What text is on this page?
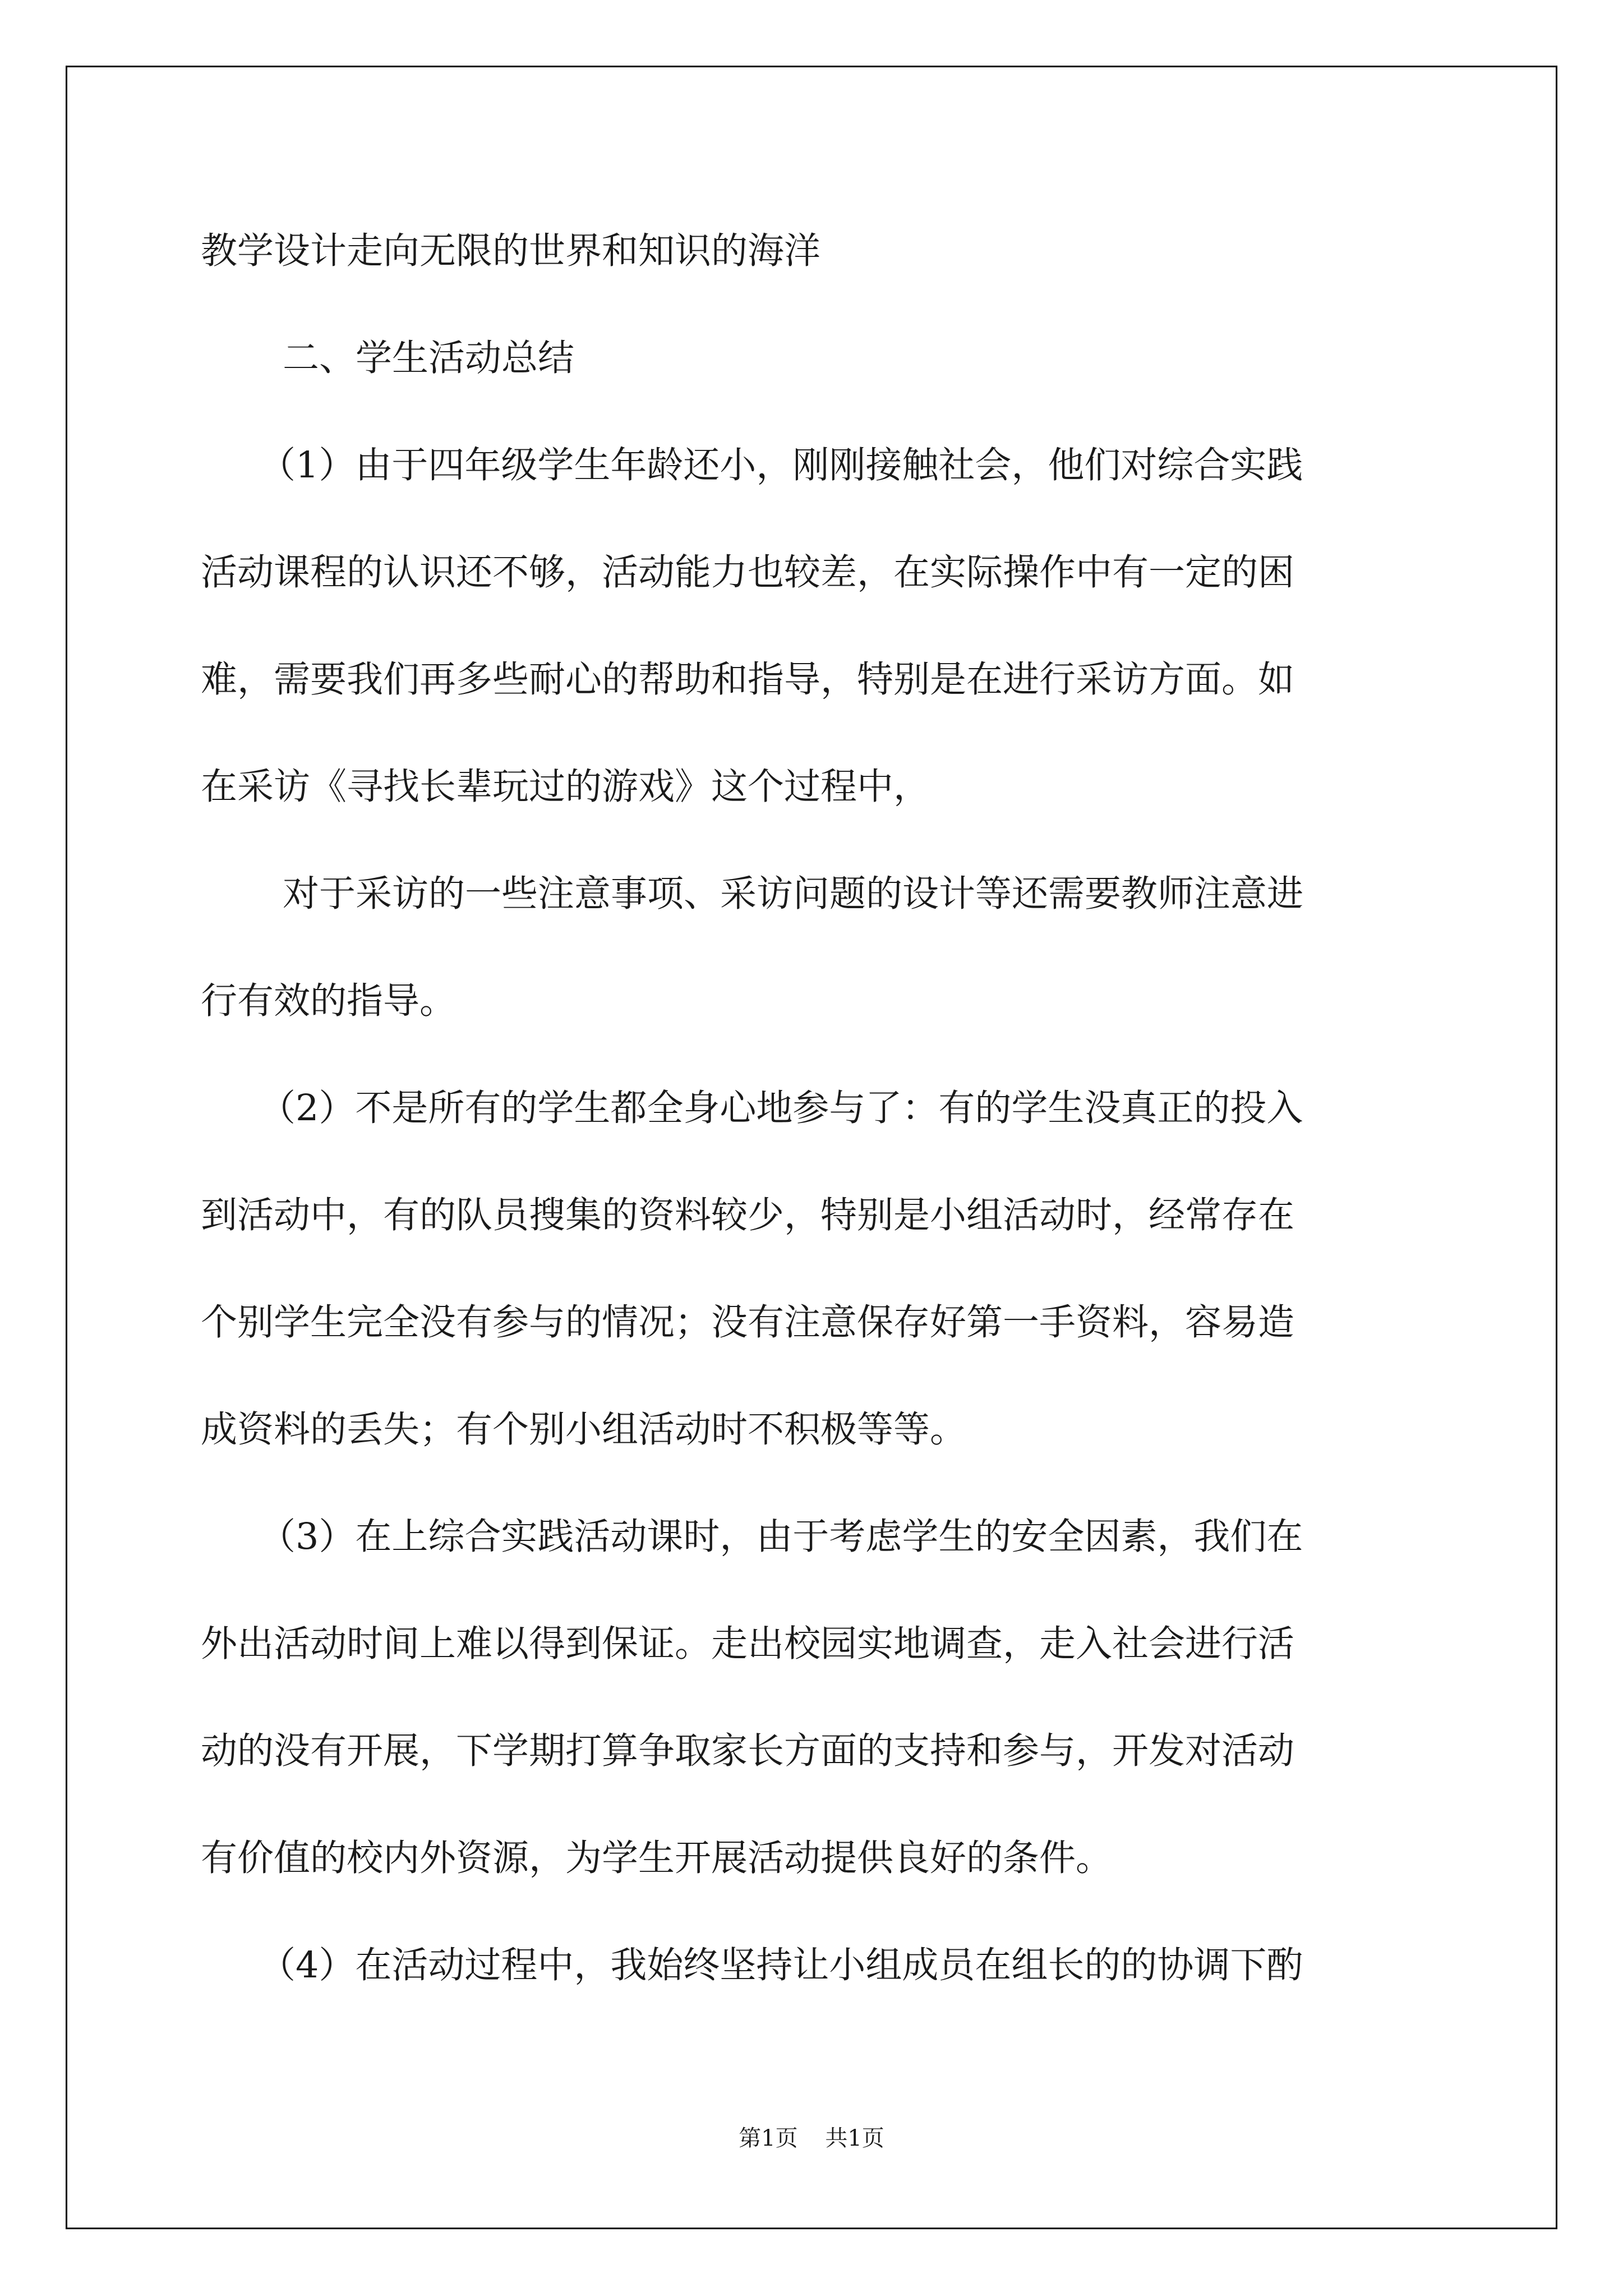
教学设计走向无限的世界和知识的海洋
二、学生活动总结
（1）由于四年级学生年龄还小，刚刚接触社会，他们对综合实践
活动课程的认识还不够，活动能力也较差，在实际操作中有一定的困
难，需要我们再多些耐心的帮助和指导，特别是在进行采访方面。如
在采访《寻找长辈玩过的游戏》这个过程中，
对于采访的一些注意事项、采访问题的设计等还需要教师注意进
行有效的指导。
（2）不是所有的学生都全身心地参与了：有的学生没真正的投入
到活动中，有的队员搜集的资料较少，特别是小组活动时，经常存在
个别学生完全没有参与的情况；没有注意保存好第一手资料，容易造
成资料的丢失；有个别小组活动时不积极等等。
（3）在上综合实践活动课时，由于考虑学生的安全因素，我们在
外出活动时间上难以得到保证。走出校园实地调查，走入社会进行活
动的没有开展，下学期打算争取家长方面的支持和参与，开发对活动
有价值的校内外资源，为学生开展活动提供良好的条件。
（4）在活动过程中，我始终坚持让小组成员在组长的的协调下酌
第1页 共1页
